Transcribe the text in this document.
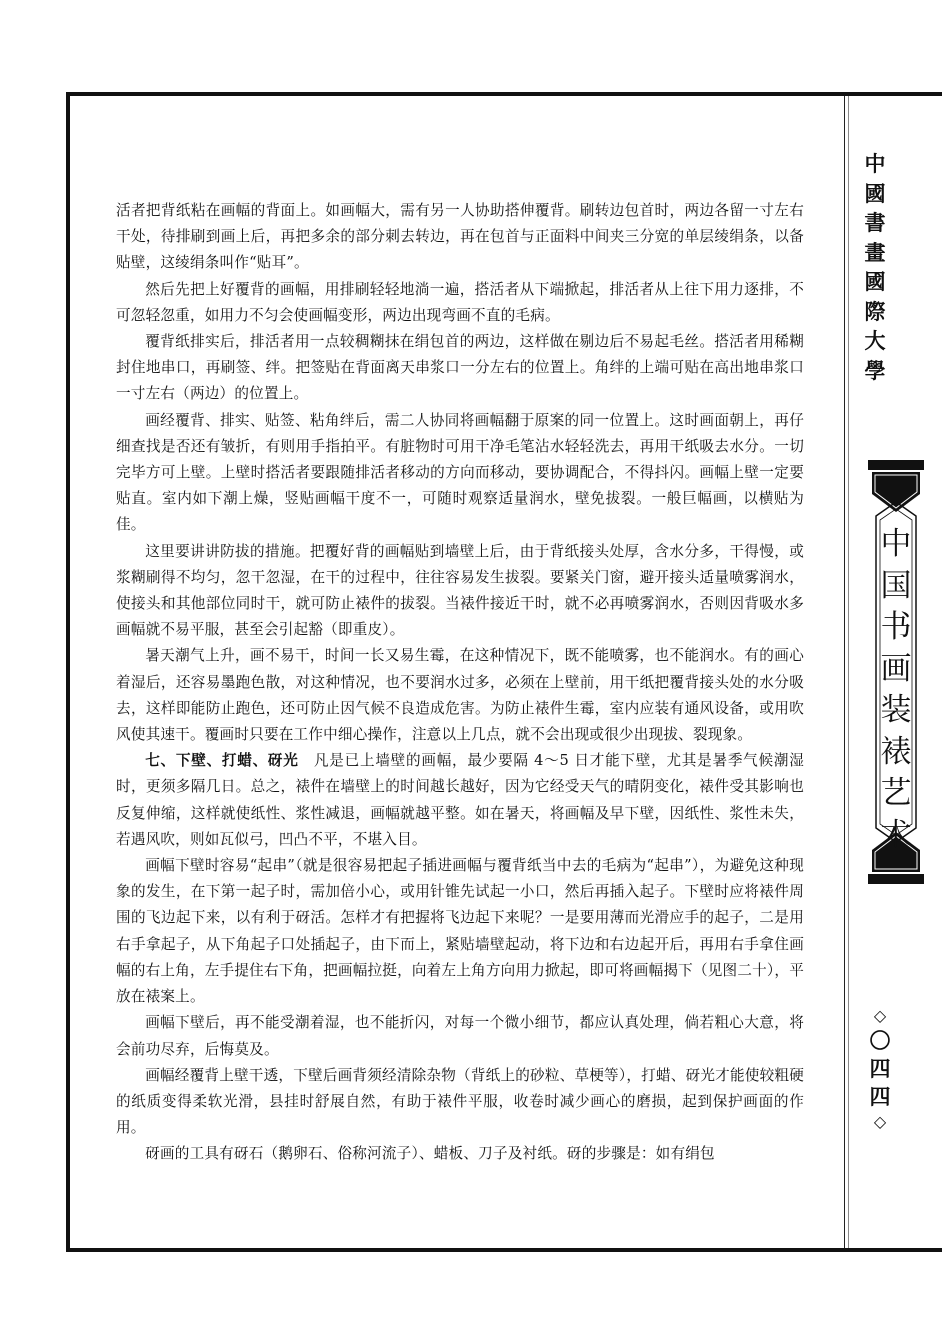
活者把背纸粘在画幅的背面上。如画幅大，需有另一人协助搭伸覆背。刷转边包首时，两边各留一寸左右干处，待排刷到画上后，再把多余的部分刺去转边，再在包首与正面料中间夹三分宽的单层绫绢条，以备贴壁，这绫绢条叫作“贴耳”。

然后先把上好覆背的画幅，用排刷轻轻地淌一遍，搭活者从下端掀起，排活者从上往下用力逐排，不可忽轻忽重，如用力不匀会使画幅变形，两边出现弯画不直的毛病。

覆背纸排实后，排活者用一点较稠糊抹在绢包首的两边，这样做在剔边后不易起毛丝。搭活者用稀糊封住地串口，再刷签、绊。把签贴在背面离天串浆口一分左右的位置上。角绊的上端可贴在高出地串浆口一寸左右（两边）的位置上。

画经覆背、排实、贴签、粘角绊后，需二人协同将画幅翻于原案的同一位置上。这时画面朝上，再仔细查找是否还有皱折，有则用手指拍平。有脏物时可用干净毛笔沾水轻轻洗去，再用干纸吸去水分。一切完毕方可上壁。上壁时搭活者要跟随排活者移动的方向而移动，要协调配合，不得抖闪。画幅上壁一定要贴直。室内如下潮上燥，竖贴画幅干度不一，可随时观察适量润水，壁免拔裂。一般巨幅画，以横贴为佳。

这里要讲讲防拔的措施。把覆好背的画幅贴到墙壁上后，由于背纸接头处厚，含水分多，干得慢，或浆糊刷得不均匀，忽干忽湿，在干的过程中，往往容易发生拔裂。要紧关门窗，避开接头适量喷雾润水，使接头和其他部位同时干，就可防止裱件的拔裂。当裱件接近干时，就不必再喷雾润水，否则因背吸水多画幅就不易平服，甚至会引起豁（即重皮）。

暑天潮气上升，画不易干，时间一长又易生霉，在这种情况下，既不能喷雾，也不能润水。有的画心着湿后，还容易墨跑色散，对这种情况，也不要润水过多，必须在上壁前，用干纸把覆背接头处的水分吸去，这样即能防止跑色，还可防止因气候不良造成危害。为防止裱件生霉，室内应装有通风设备，或用吹风使其速干。覆画时只要在工作中细心操作，注意以上几点，就不会出现或很少出现拔、裂现象。

七、下壁、打蜡、砑光　凡是已上墙壁的画幅，最少要隔 4～5 日才能下壁，尤其是暑季气候潮湿时，更须多隔几日。总之，裱件在墙壁上的时间越长越好，因为它经受天气的晴阴变化，裱件受其影响也反复伸缩，这样就使纸性、浆性减退，画幅就越平整。如在暑天，将画幅及早下壁，因纸性、浆性未失，若遇风吹，则如瓦似弓，凹凸不平，不堪入目。

画幅下壁时容易“起串”（就是很容易把起子插进画幅与覆背纸当中去的毛病为“起串”），为避免这种现象的发生，在下第一起子时，需加倍小心，或用针锥先试起一小口，然后再插入起子。下壁时应将裱件周围的飞边起下来，以有利于砑活。怎样才有把握将飞边起下来呢？一是要用薄而光滑应手的起子，二是用右手拿起子，从下角起子口处插起子，由下而上，紧贴墙壁起动，将下边和右边起开后，再用右手拿住画幅的右上角，左手提住右下角，把画幅拉挺，向着左上角方向用力掀起，即可将画幅揭下（见图二十），平放在裱案上。

画幅下壁后，再不能受潮着湿，也不能折闪，对每一个微小细节，都应认真处理，倘若粗心大意，将会前功尽弃，后悔莫及。

画幅经覆背上壁干透，下壁后画背须经清除杂物（背纸上的砂粒、草梗等），打蜡、砑光才能使较粗硬的纸质变得柔软光滑，县挂时舒展自然，有助于裱件平服，收卷时减少画心的磨损，起到保护画面的作用。

砑画的工具有砑石（鹅卵石、俗称河流子）、蜡板、刀子及衬纸。砑的步骤是：如有绢包

中
國
書
畫
國
際
大
學
中
国
书
画
装
裱
艺
术
◇
〇
四
四
◇
